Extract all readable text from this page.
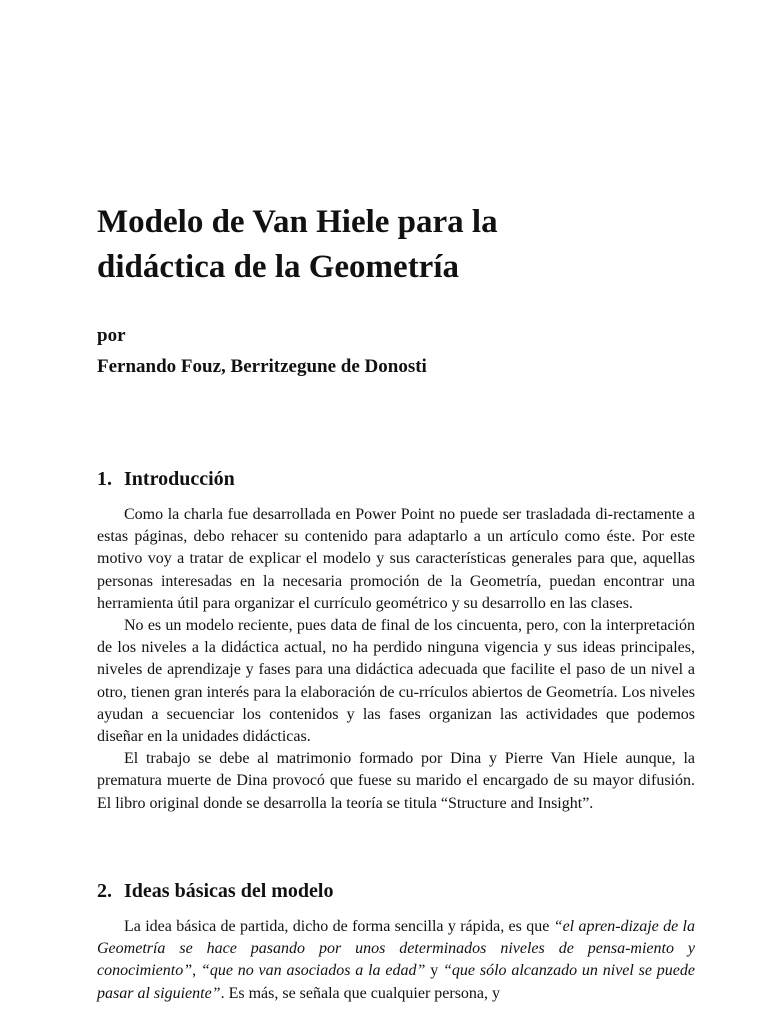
Modelo de Van Hiele para la
didáctica de la Geometría
por
Fernando Fouz, Berritzegune de Donosti
1. Introducción

Como la charla fue desarrollada en Power Point no puede ser trasladada di-rectamente a estas páginas, debo rehacer su contenido para adaptarlo a un artículo como éste. Por este motivo voy a tratar de explicar el modelo y sus características generales para que, aquellas personas interesadas en la necesaria promoción de la Geometría, puedan encontrar una herramienta útil para organizar el currículo geométrico y su desarrollo en las clases.

No es un modelo reciente, pues data de final de los cincuenta, pero, con la interpretación de los niveles a la didáctica actual, no ha perdido ninguna vigencia y sus ideas principales, niveles de aprendizaje y fases para una didáctica adecuada que facilite el paso de un nivel a otro, tienen gran interés para la elaboración de cu-rrículos abiertos de Geometría. Los niveles ayudan a secuenciar los contenidos y las fases organizan las actividades que podemos diseñar en la unidades didácticas.

El trabajo se debe al matrimonio formado por Dina y Pierre Van Hiele aunque, la prematura muerte de Dina provocó que fuese su marido el encargado de su mayor difusión. El libro original donde se desarrolla la teoría se titula “Structure and Insight”.

2. Ideas básicas del modelo

La idea básica de partida, dicho de forma sencilla y rápida, es que “el apren-dizaje de la Geometría se hace pasando por unos determinados niveles de pensa-miento y conocimiento”, “que no van asociados a la edad” y “que sólo alcanzado un nivel se puede pasar al siguiente”. Es más, se señala que cualquier persona, y
